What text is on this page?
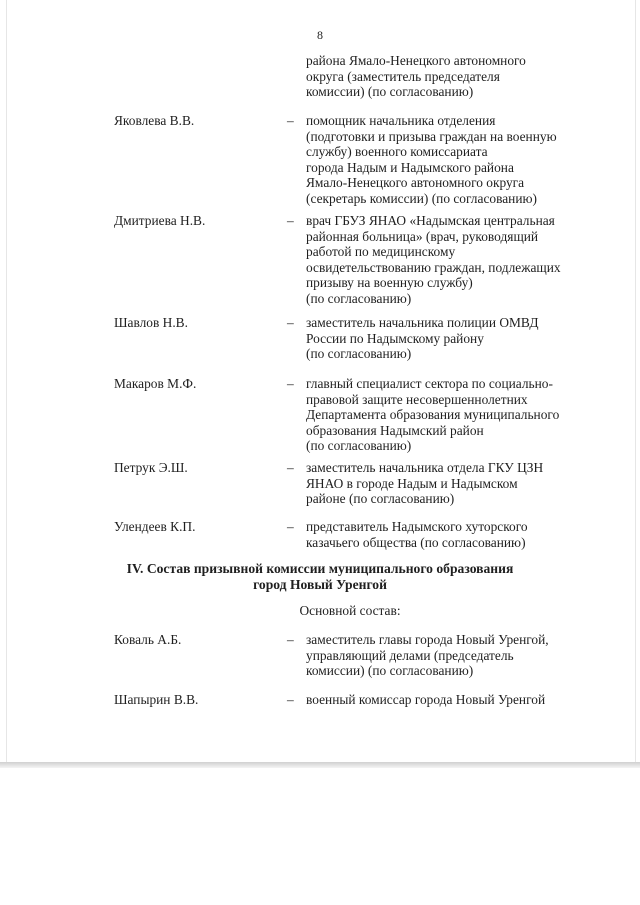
8
района Ямало-Ненецкого автономного
округа (заместитель председателя
комиссии) (по согласованию)
Яковлева В.В.	– помощник начальника отделения
(подготовки и призыва граждан на военную
службу) военного комиссариата
города Надым и Надымского района
Ямало-Ненецкого автономного округа
(секретарь комиссии) (по согласованию)
Дмитриева Н.В.	– врач ГБУЗ ЯНАО «Надымская центральная
районная больница» (врач, руководящий
работой по медицинскому
освидетельствованию граждан, подлежащих
призыву на военную службу)
(по согласованию)
Шавлов Н.В.	– заместитель начальника полиции ОМВД
России по Надымскому району
(по согласованию)
Макаров М.Ф.	– главный специалист сектора по социально-
правовой защите несовершеннолетних
Департамента образования муниципального
образования Надымский район
(по согласованию)
Петрук Э.Ш.	– заместитель начальника отдела ГКУ ЦЗН
ЯНАО в городе Надым и Надымском
районе (по согласованию)
Улендеев К.П.	– представитель Надымского хуторского
казачьего общества (по согласованию)
IV. Состав призывной комиссии муниципального образования
город Новый Уренгой
Основной состав:
Коваль А.Б.	– заместитель главы города Новый Уренгой,
управляющий делами (председатель
комиссии) (по согласованию)
Шапырин В.В.	– военный комиссар города Новый Уренгой
